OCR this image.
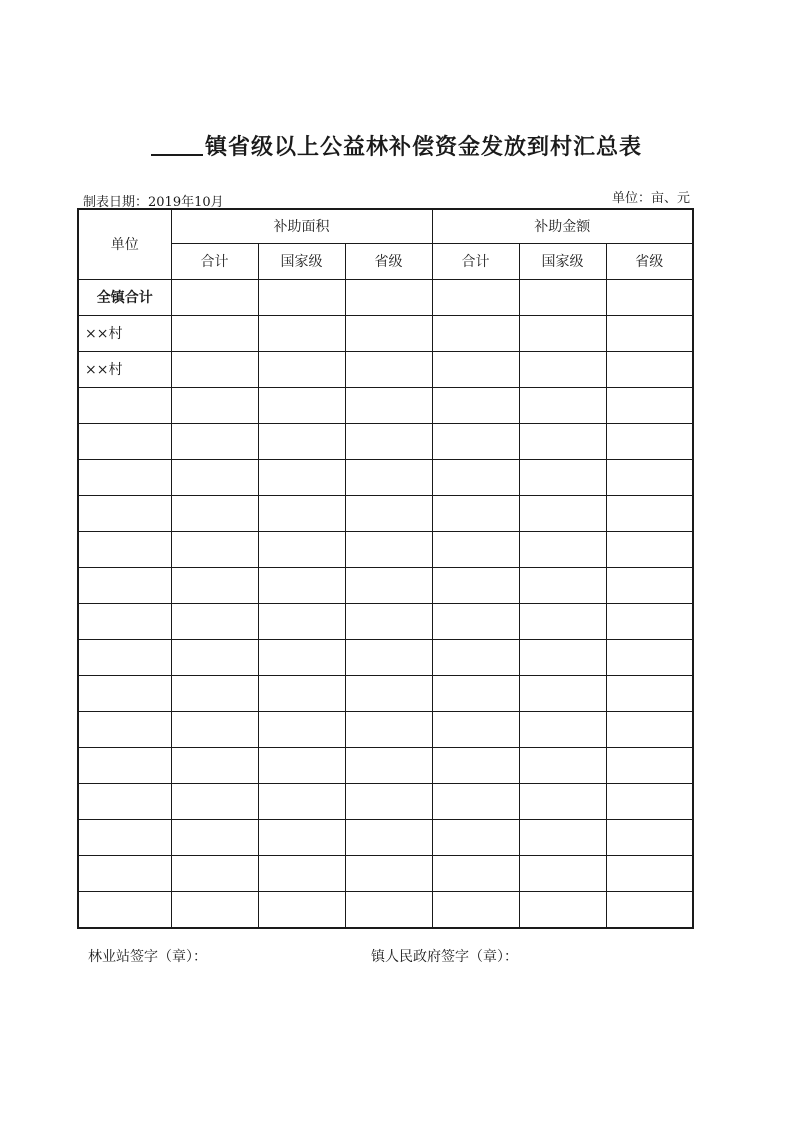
镇省级以上公益林补偿资金发放到村汇总表
制表日期：2019年10月	单位：亩、元
单位	补助面积			补助金额		
	合计	国家级	省级	合计	国家级	省级
全镇合计						
××村						
××村						

林业站签字（章）：	镇人民政府签字（章）：
